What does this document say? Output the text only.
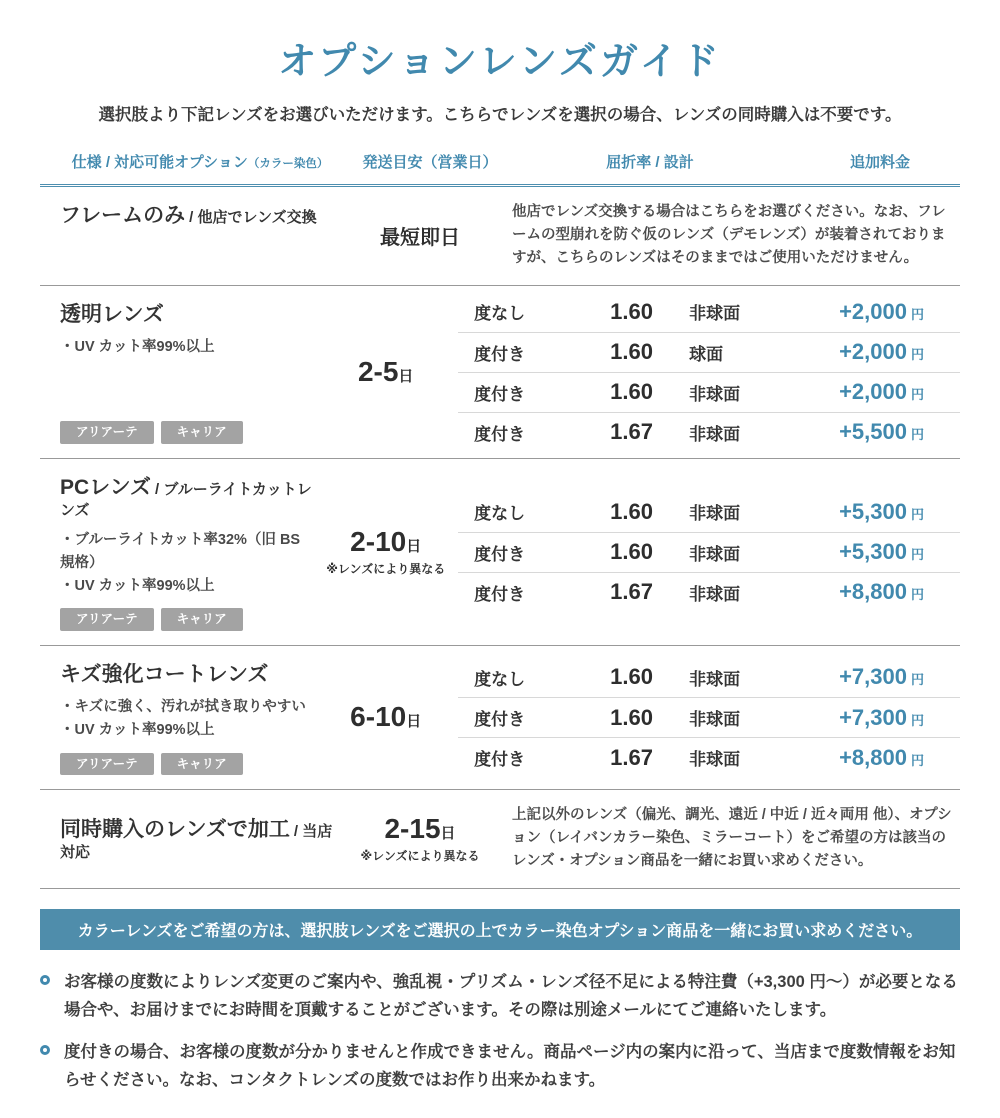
オプションレンズガイド

選択肢より下記レンズをお選びいただけます。こちらでレンズを選択の場合、レンズの同時購入は不要です。

仕様 / 対応可能オプション（カラー染色）	発送目安（営業日）	屈折率 / 設計	追加料金
フレームのみ / 他店でレンズ交換
最短即日

他店でレンズ交換する場合はこちらをお選びください。なお、フレームの型崩れを防ぐ仮のレンズ（デモレンズ）が装着されておりますが、こちらのレンズはそのままではご使用いただけません。

透明レンズ
・UV カット率99%以上
アリアーテ	キャリア
2-5日
度なし	1.60	非球面	+2,000 円
度付き	1.60	球面	+2,000 円
度付き	1.60	非球面	+2,000 円
度付き	1.67	非球面	+5,500 円
PCレンズ / ブルーライトカットレンズ
・ブルーライトカット率32%（旧 BS 規格）
・UV カット率99%以上
アリアーテ	キャリア
2-10日
※レンズにより異なる
度なし	1.60	非球面	+5,300 円
度付き	1.60	非球面	+5,300 円
度付き	1.67	非球面	+8,800 円
キズ強化コートレンズ
・キズに強く、汚れが拭き取りやすい
・UV カット率99%以上
アリアーテ	キャリア
6-10日
度なし	1.60	非球面	+7,300 円
度付き	1.60	非球面	+7,300 円
度付き	1.67	非球面	+8,800 円
同時購入のレンズで加工 / 当店対応
2-15日
※レンズにより異なる

上記以外のレンズ（偏光、調光、遠近 / 中近 / 近々両用 他）、オプション（レイバンカラー染色、ミラーコート）をご希望の方は該当のレンズ・オプション商品を一緒にお買い求めください。

カラーレンズをご希望の方は、選択肢レンズをご選択の上でカラー染色オプション商品を一緒にお買い求めください。

お客様の度数によりレンズ変更のご案内や、強乱視・プリズム・レンズ径不足による特注費（+3,300 円〜）が必要となる場合や、お届けまでにお時間を頂戴することがございます。その際は別途メールにてご連絡いたします。

度付きの場合、お客様の度数が分かりませんと作成できません。商品ページ内の案内に沿って、当店まで度数情報をお知らせください。なお、コンタクトレンズの度数ではお作り出来かねます。
